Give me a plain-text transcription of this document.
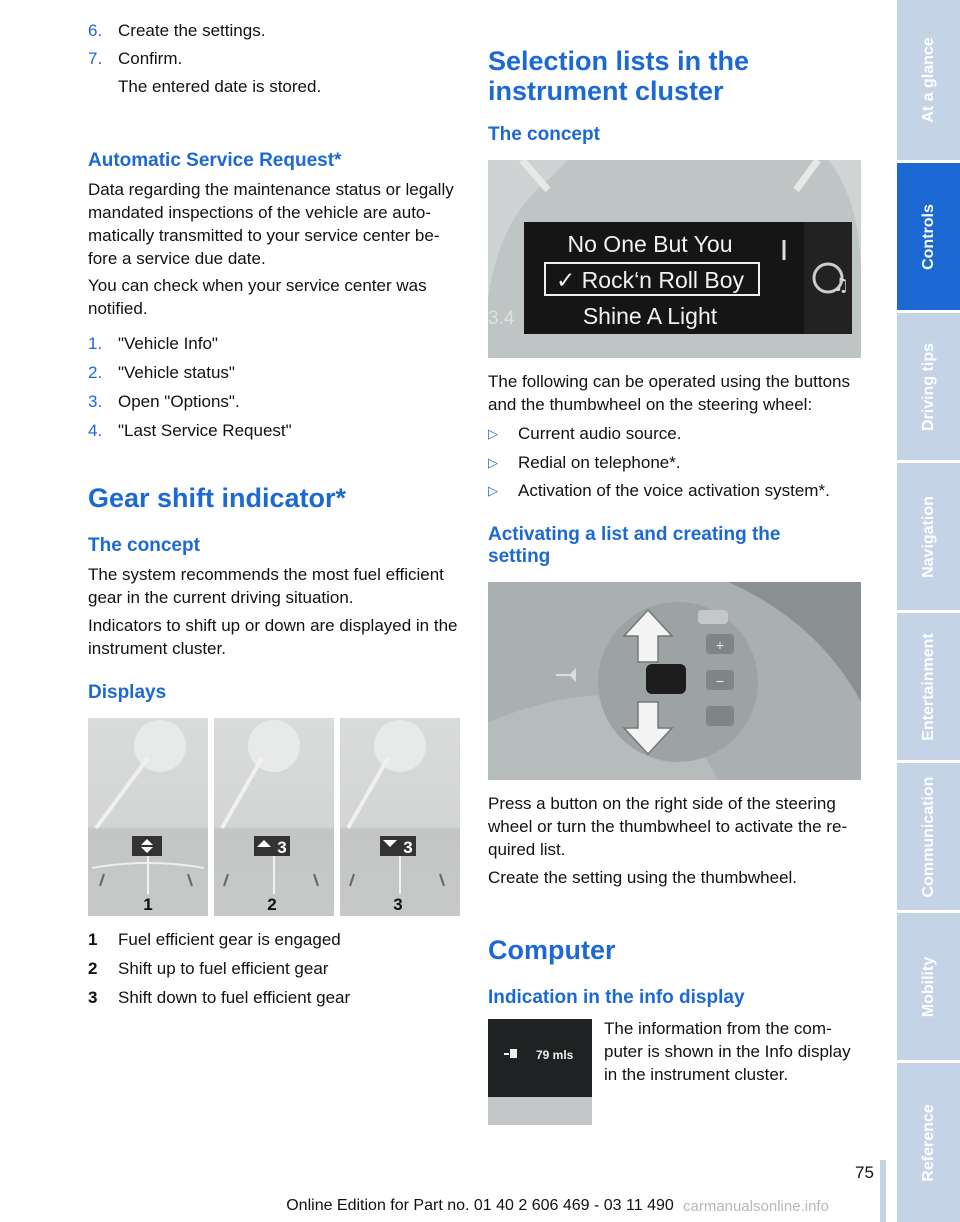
6. Create the settings.
7. Confirm.
The entered date is stored.
Automatic Service Request*

Data regarding the maintenance status or legally mandated inspections of the vehicle are automatically transmitted to your service center before a service due date.

You can check when your service center was notified.

1. "Vehicle Info"
2. "Vehicle status"
3. Open "Options".
4. "Last Service Request"
Gear shift indicator*
The concept

The system recommends the most fuel efficient gear in the current driving situation.

Indicators to shift up or down are displayed in the instrument cluster.

Displays
3	3
1	2	3
1 Fuel efficient gear is engaged
2 Shift up to fuel efficient gear
3 Shift down to fuel efficient gear
Selection lists in the instrument cluster
The concept
No One But You
✓ Rock‘n Roll Boy
Shine A Light
3.4
♫

The following can be operated using the buttons and the thumbwheel on the steering wheel:

▷ Current audio source.
▷ Redial on telephone*.
▷ Activation of the voice activation system*.
Activating a list and creating the setting
+
−

Press a button on the right side of the steering wheel or turn the thumbwheel to activate the required list.

Create the setting using the thumbwheel.

Computer
Indication in the info display
79 mls

The information from the computer is shown in the Info display in the instrument cluster.

At a glance
Controls
Driving tips
Navigation
Entertainment
Communication
Mobility
Reference
75
Online Edition for Part no. 01 40 2 606 469 - 03 11 490 carmanualsonline.info
